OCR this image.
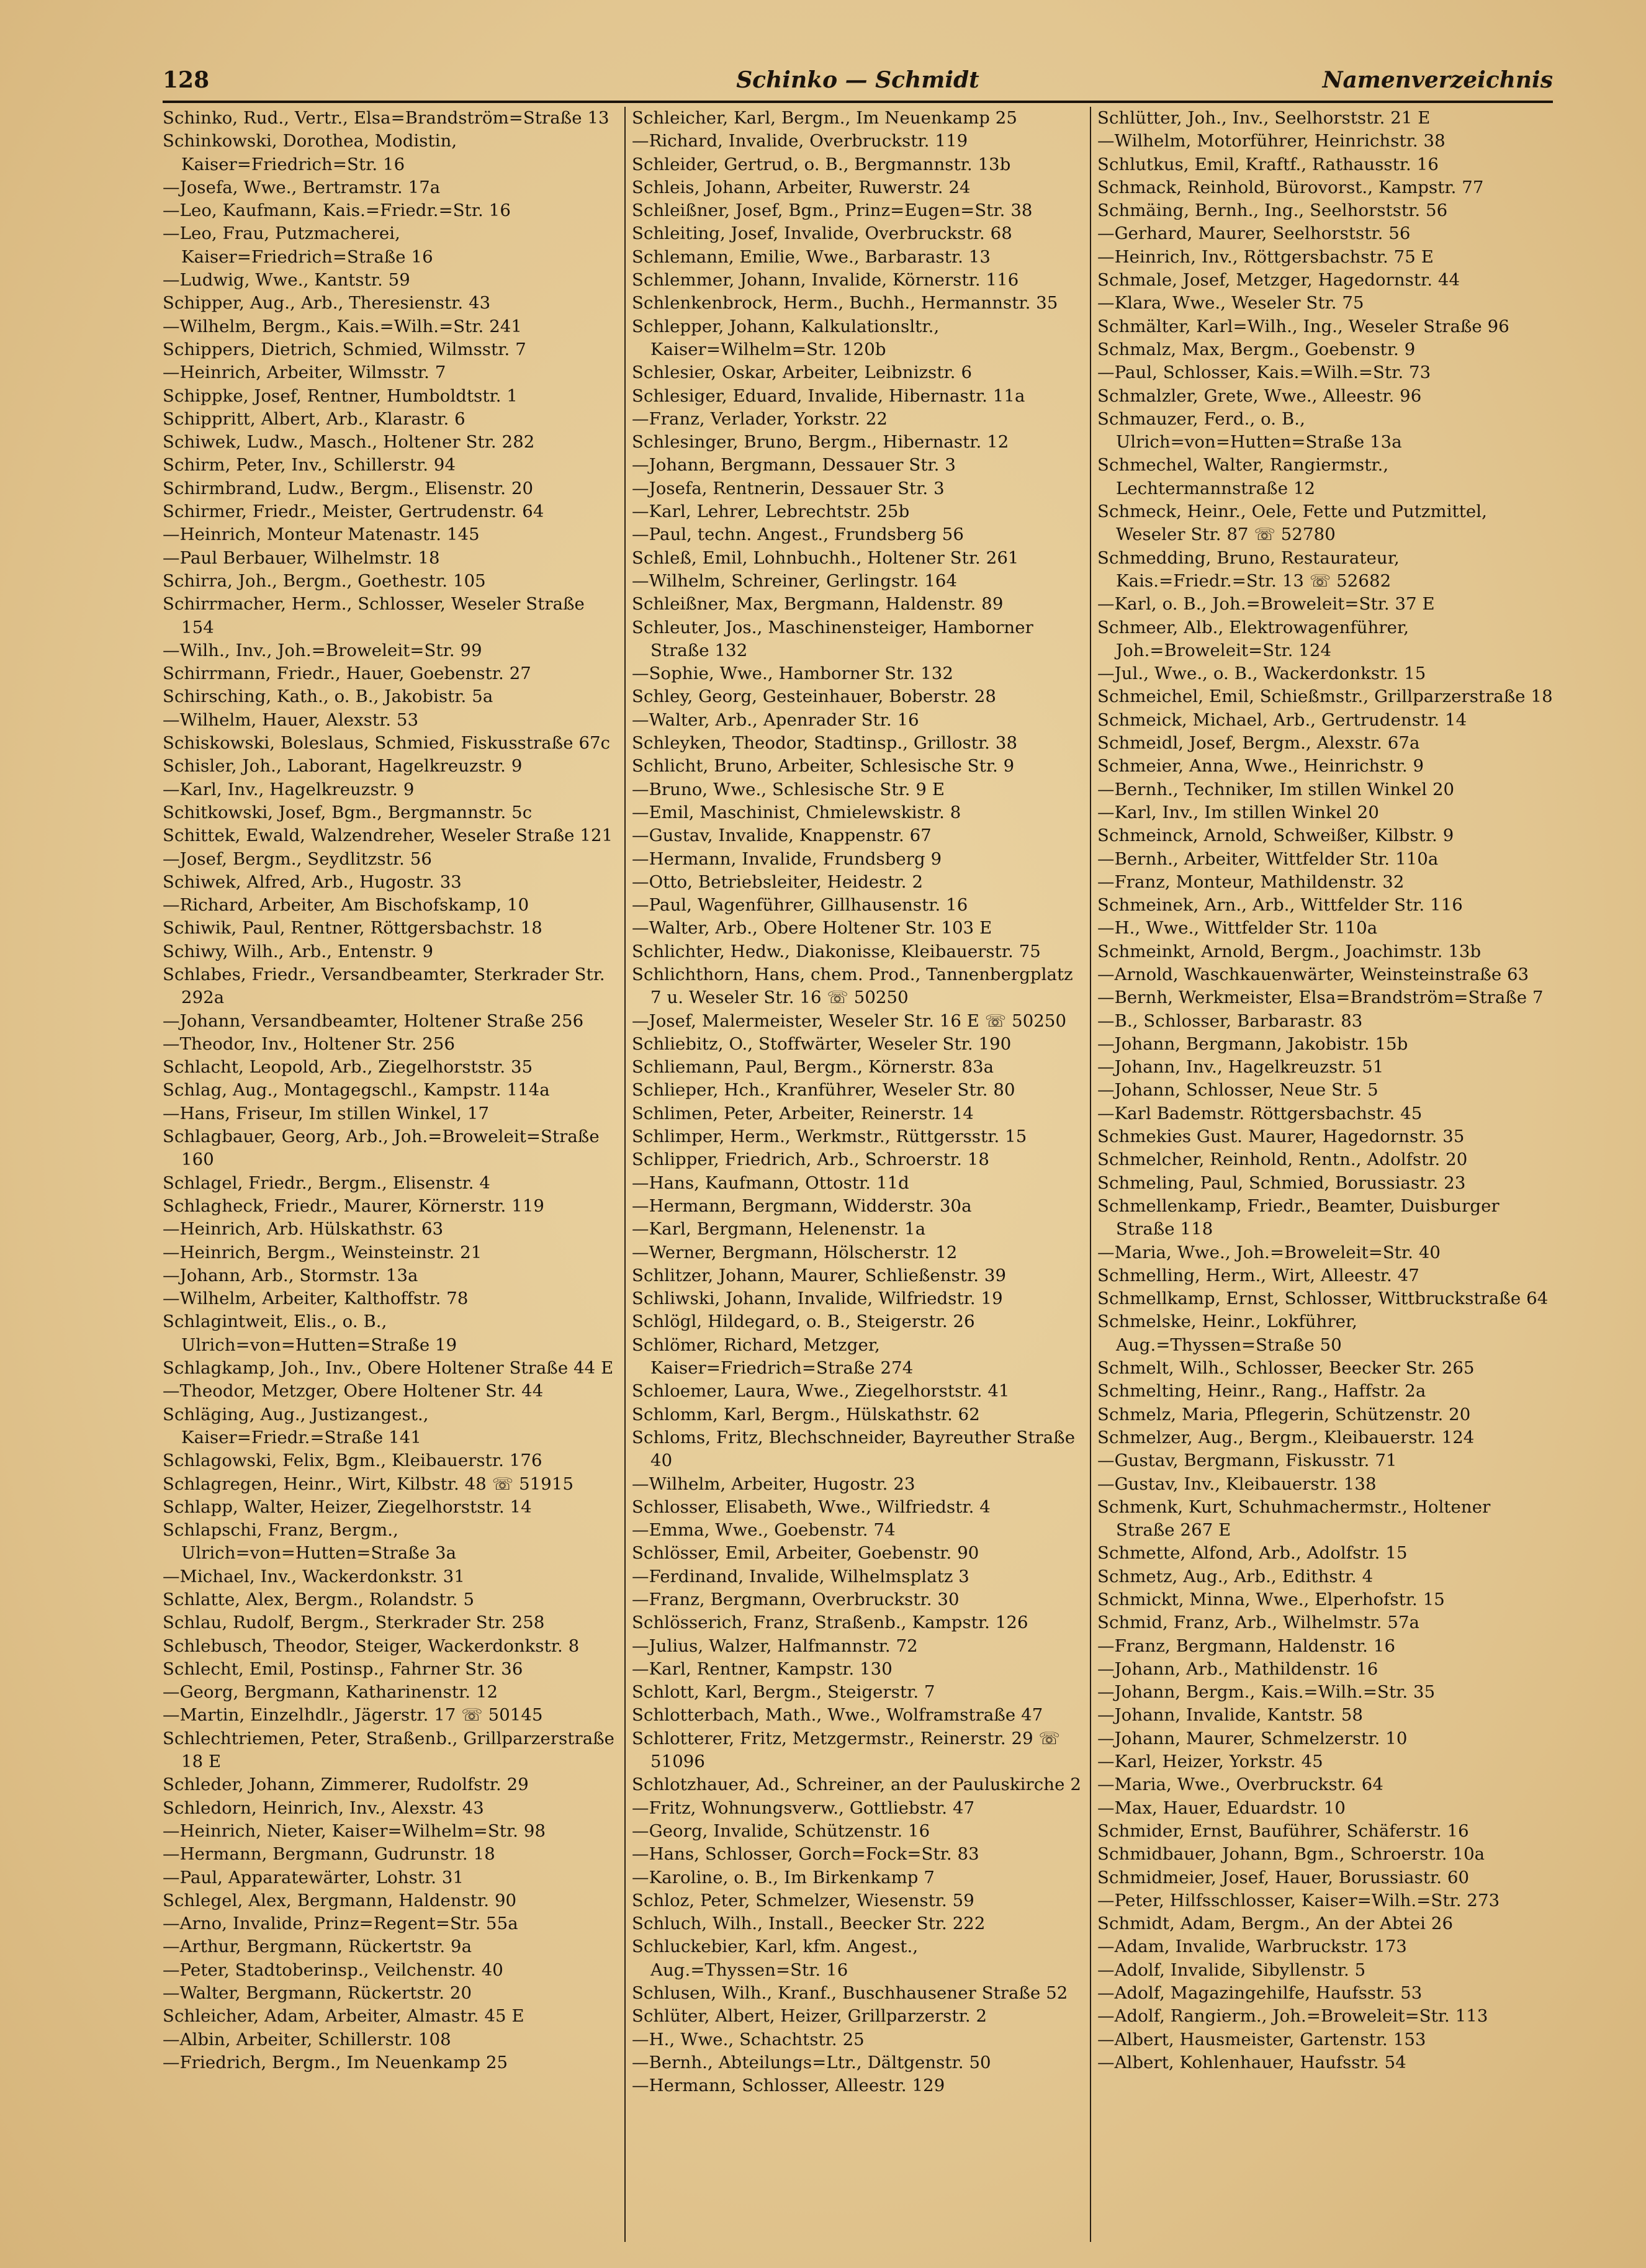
128	Schinko — Schmidt	Namenverzeichnis
Schinko, Rud., Vertr., Elsa=Brandström=Straße 13
Schinkowski, Dorothea, Modistin, Kaiser=Friedrich=Str. 16
—Josefa, Wwe., Bertramstr. 17a
—Leo, Kaufmann, Kais.=Friedr.=Str. 16
—Leo, Frau, Putzmacherei, Kaiser=Friedrich=Straße 16
—Ludwig, Wwe., Kantstr. 59
Schipper, Aug., Arb., Theresienstr. 43
—Wilhelm, Bergm., Kais.=Wilh.=Str. 241
Schippers, Dietrich, Schmied, Wilmsstr. 7
—Heinrich, Arbeiter, Wilmsstr. 7
Schippke, Josef, Rentner, Humboldtstr. 1
Schippritt, Albert, Arb., Klarastr. 6
Schiwek, Ludw., Masch., Holtener Str. 282
Schirm, Peter, Inv., Schillerstr. 94
Schirmbrand, Ludw., Bergm., Elisenstr. 20
Schirmer, Friedr., Meister, Gertrudenstr. 64
—Heinrich, Monteur Matenastr. 145
—Paul Berbauer, Wilhelmstr. 18
Schirra, Joh., Bergm., Goethestr. 105
Schirrmacher, Herm., Schlosser, Weseler Straße 154
—Wilh., Inv., Joh.=Broweleit=Str. 99
Schirrmann, Friedr., Hauer, Goebenstr. 27
Schirsching, Kath., o. B., Jakobistr. 5a
—Wilhelm, Hauer, Alexstr. 53
Schiskowski, Boleslaus, Schmied, Fiskusstraße 67c
Schisler, Joh., Laborant, Hagelkreuzstr. 9
—Karl, Inv., Hagelkreuzstr. 9
Schitkowski, Josef, Bgm., Bergmannstr. 5c
Schittek, Ewald, Walzendreher, Weseler Straße 121
—Josef, Bergm., Seydlitzstr. 56
Schiwek, Alfred, Arb., Hugostr. 33
—Richard, Arbeiter, Am Bischofskamp, 10
Schiwik, Paul, Rentner, Röttgersbachstr. 18
Schiwy, Wilh., Arb., Entenstr. 9
Schlabes, Friedr., Versandbeamter, Sterkrader Str. 292a
—Johann, Versandbeamter, Holtener Straße 256
—Theodor, Inv., Holtener Str. 256
Schlacht, Leopold, Arb., Ziegelhorststr. 35
Schlag, Aug., Montagegschl., Kampstr. 114a
—Hans, Friseur, Im stillen Winkel, 17
Schlagbauer, Georg, Arb., Joh.=Broweleit=Straße 160
Schlagel, Friedr., Bergm., Elisenstr. 4
Schlagheck, Friedr., Maurer, Körnerstr. 119
—Heinrich, Arb. Hülskathstr. 63
—Heinrich, Bergm., Weinsteinstr. 21
—Johann, Arb., Stormstr. 13a
—Wilhelm, Arbeiter, Kalthoffstr. 78
Schlagintweit, Elis., o. B., Ulrich=von=Hutten=Straße 19
Schlagkamp, Joh., Inv., Obere Holtener Straße 44 E
—Theodor, Metzger, Obere Holtener Str. 44
Schläging, Aug., Justizangest., Kaiser=Friedr.=Straße 141
Schlagowski, Felix, Bgm., Kleibauerstr. 176
Schlagregen, Heinr., Wirt, Kilbstr. 48 ☏ 51915
Schlapp, Walter, Heizer, Ziegelhorststr. 14
Schlapschi, Franz, Bergm., Ulrich=von=Hutten=Straße 3a
—Michael, Inv., Wackerdonkstr. 31
Schlatte, Alex, Bergm., Rolandstr. 5
Schlau, Rudolf, Bergm., Sterkrader Str. 258
Schlebusch, Theodor, Steiger, Wackerdonkstr. 8
Schlecht, Emil, Postinsp., Fahrner Str. 36
—Georg, Bergmann, Katharinenstr. 12
—Martin, Einzelhdlr., Jägerstr. 17 ☏ 50145
Schlechtriemen, Peter, Straßenb., Grillparzerstraße 18 E
Schleder, Johann, Zimmerer, Rudolfstr. 29
Schledorn, Heinrich, Inv., Alexstr. 43
—Heinrich, Nieter, Kaiser=Wilhelm=Str. 98
—Hermann, Bergmann, Gudrunstr. 18
—Paul, Apparatewärter, Lohstr. 31
Schlegel, Alex, Bergmann, Haldenstr. 90
—Arno, Invalide, Prinz=Regent=Str. 55a
—Arthur, Bergmann, Rückertstr. 9a
—Peter, Stadtoberinsp., Veilchenstr. 40
—Walter, Bergmann, Rückertstr. 20
Schleicher, Adam, Arbeiter, Almastr. 45 E
—Albin, Arbeiter, Schillerstr. 108
—Friedrich, Bergm., Im Neuenkamp 25
Schleicher, Karl, Bergm., Im Neuenkamp 25
—Richard, Invalide, Overbruckstr. 119
Schleider, Gertrud, o. B., Bergmannstr. 13b
Schleis, Johann, Arbeiter, Ruwerstr. 24
Schleißner, Josef, Bgm., Prinz=Eugen=Str. 38
Schleiting, Josef, Invalide, Overbruckstr. 68
Schlemann, Emilie, Wwe., Barbarastr. 13
Schlemmer, Johann, Invalide, Körnerstr. 116
Schlenkenbrock, Herm., Buchh., Hermannstr. 35
Schlepper, Johann, Kalkulationsltr., Kaiser=Wilhelm=Str. 120b
Schlesier, Oskar, Arbeiter, Leibnizstr. 6
Schlesiger, Eduard, Invalide, Hibernastr. 11a
—Franz, Verlader, Yorkstr. 22
Schlesinger, Bruno, Bergm., Hibernastr. 12
—Johann, Bergmann, Dessauer Str. 3
—Josefa, Rentnerin, Dessauer Str. 3
—Karl, Lehrer, Lebrechtstr. 25b
—Paul, techn. Angest., Frundsberg 56
Schleß, Emil, Lohnbuchh., Holtener Str. 261
—Wilhelm, Schreiner, Gerlingstr. 164
Schleißner, Max, Bergmann, Haldenstr. 89
Schleuter, Jos., Maschinensteiger, Hamborner Straße 132
—Sophie, Wwe., Hamborner Str. 132
Schley, Georg, Gesteinhauer, Boberstr. 28
—Walter, Arb., Apenrader Str. 16
Schleyken, Theodor, Stadtinsp., Grillostr. 38
Schlicht, Bruno, Arbeiter, Schlesische Str. 9
—Bruno, Wwe., Schlesische Str. 9 E
—Emil, Maschinist, Chmielewskistr. 8
—Gustav, Invalide, Knappenstr. 67
—Hermann, Invalide, Frundsberg 9
—Otto, Betriebsleiter, Heidestr. 2
—Paul, Wagenführer, Gillhausenstr. 16
—Walter, Arb., Obere Holtener Str. 103 E
Schlichter, Hedw., Diakonisse, Kleibauerstr. 75
Schlichthorn, Hans, chem. Prod., Tannenbergplatz 7 u. Weseler Str. 16 ☏ 50250
—Josef, Malermeister, Weseler Str. 16 E ☏ 50250
Schliebitz, O., Stoffwärter, Weseler Str. 190
Schliemann, Paul, Bergm., Körnerstr. 83a
Schlieper, Hch., Kranführer, Weseler Str. 80
Schlimen, Peter, Arbeiter, Reinerstr. 14
Schlimper, Herm., Werkmstr., Rüttgersstr. 15
Schlipper, Friedrich, Arb., Schroerstr. 18
—Hans, Kaufmann, Ottostr. 11d
—Hermann, Bergmann, Widderstr. 30a
—Karl, Bergmann, Helenenstr. 1a
—Werner, Bergmann, Hölscherstr. 12
Schlitzer, Johann, Maurer, Schließenstr. 39
Schliwski, Johann, Invalide, Wilfriedstr. 19
Schlögl, Hildegard, o. B., Steigerstr. 26
Schlömer, Richard, Metzger, Kaiser=Friedrich=Straße 274
Schloemer, Laura, Wwe., Ziegelhorststr. 41
Schlomm, Karl, Bergm., Hülskathstr. 62
Schloms, Fritz, Blechschneider, Bayreuther Straße 40
—Wilhelm, Arbeiter, Hugostr. 23
Schlosser, Elisabeth, Wwe., Wilfriedstr. 4
—Emma, Wwe., Goebenstr. 74
Schlösser, Emil, Arbeiter, Goebenstr. 90
—Ferdinand, Invalide, Wilhelmsplatz 3
—Franz, Bergmann, Overbruckstr. 30
Schlösserich, Franz, Straßenb., Kampstr. 126
—Julius, Walzer, Halfmannstr. 72
—Karl, Rentner, Kampstr. 130
Schlott, Karl, Bergm., Steigerstr. 7
Schlotterbach, Math., Wwe., Wolframstraße 47
Schlotterer, Fritz, Metzgermstr., Reinerstr. 29 ☏ 51096
Schlotzhauer, Ad., Schreiner, an der Pauluskirche 2
—Fritz, Wohnungsverw., Gottliebstr. 47
—Georg, Invalide, Schützenstr. 16
—Hans, Schlosser, Gorch=Fock=Str. 83
—Karoline, o. B., Im Birkenkamp 7
Schloz, Peter, Schmelzer, Wiesenstr. 59
Schluch, Wilh., Install., Beecker Str. 222
Schluckebier, Karl, kfm. Angest., Aug.=Thyssen=Str. 16
Schlusen, Wilh., Kranf., Buschhausener Straße 52
Schlüter, Albert, Heizer, Grillparzerstr. 2
—H., Wwe., Schachtstr. 25
—Bernh., Abteilungs=Ltr., Dältgenstr. 50
—Hermann, Schlosser, Alleestr. 129
Schlütter, Joh., Inv., Seelhorststr. 21 E
—Wilhelm, Motorführer, Heinrichstr. 38
Schlutkus, Emil, Kraftf., Rathausstr. 16
Schmack, Reinhold, Bürovorst., Kampstr. 77
Schmäing, Bernh., Ing., Seelhorststr. 56
—Gerhard, Maurer, Seelhorststr. 56
—Heinrich, Inv., Röttgersbachstr. 75 E
Schmale, Josef, Metzger, Hagedornstr. 44
—Klara, Wwe., Weseler Str. 75
Schmälter, Karl=Wilh., Ing., Weseler Straße 96
Schmalz, Max, Bergm., Goebenstr. 9
—Paul, Schlosser, Kais.=Wilh.=Str. 73
Schmalzler, Grete, Wwe., Alleestr. 96
Schmauzer, Ferd., o. B., Ulrich=von=Hutten=Straße 13a
Schmechel, Walter, Rangiermstr., Lechtermannstraße 12
Schmeck, Heinr., Oele, Fette und Putzmittel, Weseler Str. 87 ☏ 52780
Schmedding, Bruno, Restaurateur, Kais.=Friedr.=Str. 13 ☏ 52682
—Karl, o. B., Joh.=Broweleit=Str. 37 E
Schmeer, Alb., Elektrowagenführer, Joh.=Broweleit=Str. 124
—Jul., Wwe., o. B., Wackerdonkstr. 15
Schmeichel, Emil, Schießmstr., Grillparzerstraße 18
Schmeick, Michael, Arb., Gertrudenstr. 14
Schmeidl, Josef, Bergm., Alexstr. 67a
Schmeier, Anna, Wwe., Heinrichstr. 9
—Bernh., Techniker, Im stillen Winkel 20
—Karl, Inv., Im stillen Winkel 20
Schmeinck, Arnold, Schweißer, Kilbstr. 9
—Bernh., Arbeiter, Wittfelder Str. 110a
—Franz, Monteur, Mathildenstr. 32
Schmeinek, Arn., Arb., Wittfelder Str. 116
—H., Wwe., Wittfelder Str. 110a
Schmeinkt, Arnold, Bergm., Joachimstr. 13b
—Arnold, Waschkauenwärter, Weinsteinstraße 63
—Bernh, Werkmeister, Elsa=Brandström=Straße 7
—B., Schlosser, Barbarastr. 83
—Johann, Bergmann, Jakobistr. 15b
—Johann, Inv., Hagelkreuzstr. 51
—Johann, Schlosser, Neue Str. 5
—Karl Bademstr. Röttgersbachstr. 45
Schmekies Gust. Maurer, Hagedornstr. 35
Schmelcher, Reinhold, Rentn., Adolfstr. 20
Schmeling, Paul, Schmied, Borussiastr. 23
Schmellenkamp, Friedr., Beamter, Duisburger Straße 118
—Maria, Wwe., Joh.=Broweleit=Str. 40
Schmelling, Herm., Wirt, Alleestr. 47
Schmellkamp, Ernst, Schlosser, Wittbruckstraße 64
Schmelske, Heinr., Lokführer, Aug.=Thyssen=Straße 50
Schmelt, Wilh., Schlosser, Beecker Str. 265
Schmelting, Heinr., Rang., Haffstr. 2a
Schmelz, Maria, Pflegerin, Schützenstr. 20
Schmelzer, Aug., Bergm., Kleibauerstr. 124
—Gustav, Bergmann, Fiskusstr. 71
—Gustav, Inv., Kleibauerstr. 138
Schmenk, Kurt, Schuhmachermstr., Holtener Straße 267 E
Schmette, Alfond, Arb., Adolfstr. 15
Schmetz, Aug., Arb., Edithstr. 4
Schmickt, Minna, Wwe., Elperhofstr. 15
Schmid, Franz, Arb., Wilhelmstr. 57a
—Franz, Bergmann, Haldenstr. 16
—Johann, Arb., Mathildenstr. 16
—Johann, Bergm., Kais.=Wilh.=Str. 35
—Johann, Invalide, Kantstr. 58
—Johann, Maurer, Schmelzerstr. 10
—Karl, Heizer, Yorkstr. 45
—Maria, Wwe., Overbruckstr. 64
—Max, Hauer, Eduardstr. 10
Schmider, Ernst, Bauführer, Schäferstr. 16
Schmidbauer, Johann, Bgm., Schroerstr. 10a
Schmidmeier, Josef, Hauer, Borussiastr. 60
—Peter, Hilfsschlosser, Kaiser=Wilh.=Str. 273
Schmidt, Adam, Bergm., An der Abtei 26
—Adam, Invalide, Warbruckstr. 173
—Adolf, Invalide, Sibyllenstr. 5
—Adolf, Magazingehilfe, Haufsstr. 53
—Adolf, Rangierm., Joh.=Broweleit=Str. 113
—Albert, Hausmeister, Gartenstr. 153
—Albert, Kohlenhauer, Haufsstr. 54
